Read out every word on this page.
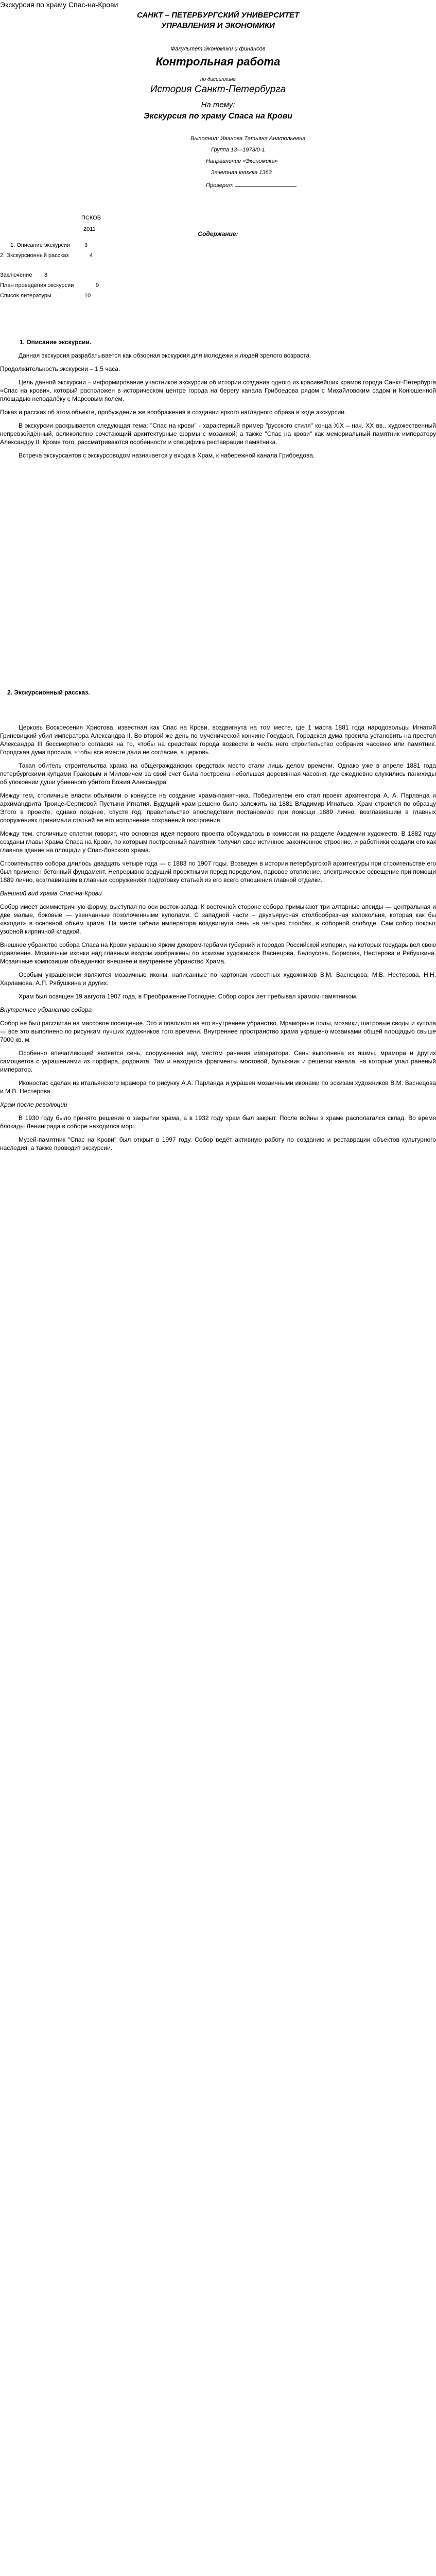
Экскурсия по храму Спас-на-Крови
САНКТ – ПЕТЕРБУРГСКИЙ УНИВЕРСИТЕТ
УПРАВЛЕНИЯ И ЭКОНОМИКИ
Факультет Экономики и финансов
Контрольная работа
по дисциплине
История Санкт-Петербурга
На тему:
Экскурсия по храму Спаса на Крови
Выполнил: Иванова Татьяна Анатольевна
Группа 13—1973/0-1
Направление «Экономика»
Зачетная книжка 1363
Проверил:
ПСКОВ
2011
Содержание:
1. Описание экскурсии	3
2. Экскурсионный рассказ	4
Заключение	8
План проведения экскурсии	9
Список литературы	10

1. Описание экскурсии.

Данная экскурсия разрабатывается как обзорная экскурсия для молодежи и людей зрелого возраста.

Продолжительность экскурсии – 1,5 часа.

Цель данной экскурсии – информирование участников экскурсии об истории создания одного из красивейших храмов города Санкт-Петербурга «Спас на крови», который расположен в историческом центре города на берегу канала Грибоедова рядом с Михайловским садом и Конюшенной площадью неподалёку с Марсовым полем.

Показ и рассказ об этом объекте, пробуждение же воображения в создании яркого наглядного образа в ходе экскурсии.

В экскурсии раскрывается следующая тема: "Спас на крови" - характерный пример "русского стиля" конца XIX – нач. XX вв., художественный непревзойдённый, великолепно сочетающий архитектурные формы с мозаикой; а также "Спас на крови" как мемориальный памятник императору Александру II. Кроме того, рассматриваются особенности и специфика реставрации памятника.

Встреча экскурсантов с экскурсоводом назначается у входа в Храм, к набережной канала Грибоедова.

2. Экскурсионный рассказ.

Церковь Воскресения Христова, известная как Спас на Крови, воздвигнута на том месте, где 1 марта 1881 года народовольцы Игнатий Гриневицкий убил императора Александра II. Во второй же день по мученической кончине Государя, Городская дума просила установить на престол Александра III бессмертного согласия на то, чтобы на средствах города возвести в честь него строительство собрания часовню или памятник. Городская дума просила, чтобы все вместе дали не согласие, а церковь.

Такая обитель строительства храма на общегражданских средствах место стали лишь делом времени. Однако уже в апреле 1881 года петербургскими купцами Граковым и Миловичем за свой счет была построена небольшая деревянная часовня, где ежедневно служились панихиды об упокоении души убиенного убитого Божия Александра.

Между тем, столичные власти объявили о конкурсе на создание храма-памятника. Победителем его стал проект архитектора А. А. Парланда и архимандрита Троице-Сергиевой Пустыни Игнатия. Будущий храм решено было заложить на 1881 Владимир Игнатьев. Храм строился по образцу Этого в проекте, однако позднее, спустя год, правительство впоследствии постановило при помощи 1889 лично, возглавившим в главных сооружениях принимали статьей ее его исполнение сохранений построения.

Между тем, столичные сплетни говорят, что основная идея первого проекта обсуждалась в комиссии на разделе Академии художеств. В 1882 году созданы главы Храма Спаса на Крови, по которым построенный памятник получил свое истинное законченное строение, и работники создали его как главное здание на площади у Спас-Ловского храма.

Строительство собора длилось двадцать четыре года — с 1883 по 1907 годы. Возведен в истории петербургской архитектуры при строительстве его был применен бетонный фундамент. Непрерывно ведущий проектными перед переделом, паровое отопление, электрическое освещение при помощи 1889 лично, возглавившим в главных сооружениях подготовку статьей из его всего отношения главной отделки.

Внешний вид храма Спас-на-Крови

Собор имеет асимметричную форму, выступая по оси восток-запад. К восточной стороне собора примыкают три алтарные апсиды — центральная и две малые, боковые — увенчанные позолоченными куполами. С западной части – двухъярусная столбообразная колокольня, которая как бы «входит» в основной объём храма. На месте гибели императора воздвигнута сень на четырех столбах, в соборной слободе. Сам собор покрыт узорной кирпичной кладкой.

Внешнее убранство собора Спаса на Крови украшено ярким декором-гербами губерний и городов Российской империи, на которых государь вел свою правление. Мозаичные иконки над главным входом изображены по эскизам художников Васнецова, Белоусова, Борисова, Нестерова и Рябушкина. Мозаичные композиции объединяют внешнее и внутреннее убранство Храма.

Особым украшением являются мозаичные иконы, написанные по картонам известных художников В.М. Васнецова, М.В. Нестерова, Н.Н. Харламова, А.П. Рябушкина и других.

Храм был освящен 19 августа 1907 года, в Преображение Господне. Собор сорок лет пребывал храмом-памятником.

Внутреннее убранство собора

Собор не был рассчитан на массовое посещение. Это и повлияло на его внутреннее убранство. Мраморные полы, мозаики, шатровые своды и купола — все это выполнено по рисункам лучших художников того времени. Внутреннее пространство храма украшено мозаиками общей площадью свыше 7000 кв. м.

Особенно впечатляющей является сень, сооруженная над местом ранения императора. Сень выполнена из яшмы, мрамора и других самоцветов с украшениями из порфира, родонита. Там и находятся фрагменты мостовой, булыжник и решетки канала, на которые упал раненый император.

Иконостас сделан из итальянского мрамора по рисунку А.А. Парланда и украшен мозаичными иконами по эскизам художников В.М. Васнецова и М.В. Нестерова.

Храм после революции

В 1930 году было принято решение о закрытии храма, а в 1932 году храм был закрыт. После войны в храме располагался склад. Во время блокады Ленинграда в соборе находился морг.

Музей-памятник "Спас на Крови" был открыт в 1997 году. Собор ведёт активную работу по созданию и реставрации объектов культурного наследия, а также проводит экскурсии.
